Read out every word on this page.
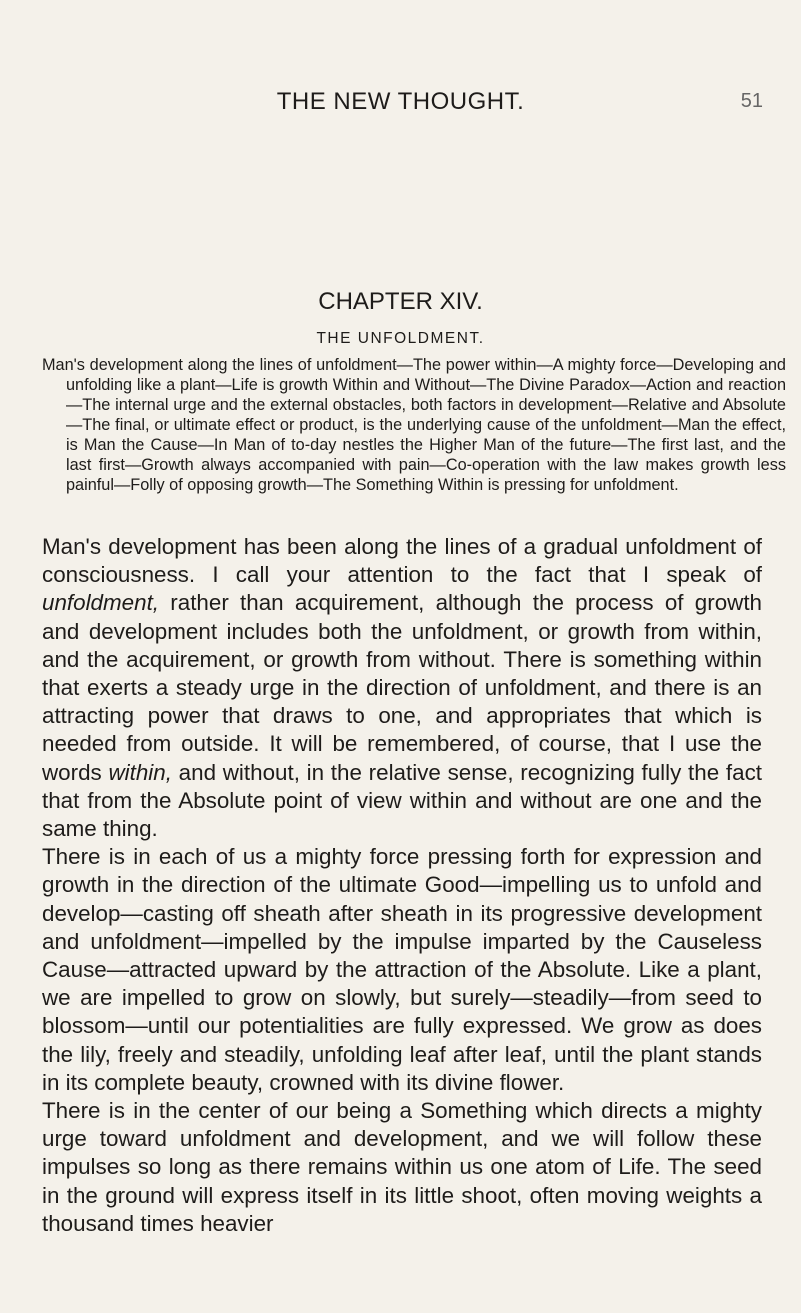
THE NEW THOUGHT.	51
CHAPTER XIV.
THE UNFOLDMENT.

Man's development along the lines of unfoldment—The power within—A mighty force—Developing and unfolding like a plant—Life is growth Within and Without—The Divine Paradox—Action and reaction—The internal urge and the external obstacles, both factors in development—Relative and Absolute—The final, or ultimate effect or product, is the underlying cause of the unfoldment—Man the effect, is Man the Cause—In Man of to-day nestles the Higher Man of the future—The first last, and the last first—Growth always accompanied with pain—Co-operation with the law makes growth less painful—Folly of opposing growth—The Something Within is pressing for unfoldment.

Man's development has been along the lines of a gradual unfoldment of consciousness. I call your attention to the fact that I speak of unfoldment, rather than acquirement, although the process of growth and development includes both the unfoldment, or growth from within, and the acquirement, or growth from without. There is something within that exerts a steady urge in the direction of unfoldment, and there is an attracting power that draws to one, and appropriates that which is needed from outside. It will be remembered, of course, that I use the words within, and without, in the relative sense, recognizing fully the fact that from the Absolute point of view within and without are one and the same thing.

There is in each of us a mighty force pressing forth for expression and growth in the direction of the ultimate Good—impelling us to unfold and develop—casting off sheath after sheath in its progressive development and unfoldment—impelled by the impulse imparted by the Causeless Cause—attracted upward by the attraction of the Absolute. Like a plant, we are impelled to grow on slowly, but surely—steadily—from seed to blossom—until our potentialities are fully expressed. We grow as does the lily, freely and steadily, unfolding leaf after leaf, until the plant stands in its complete beauty, crowned with its divine flower.

There is in the center of our being a Something which directs a mighty urge toward unfoldment and development, and we will follow these impulses so long as there remains within us one atom of Life. The seed in the ground will express itself in its little shoot, often moving weights a thousand times heavier
